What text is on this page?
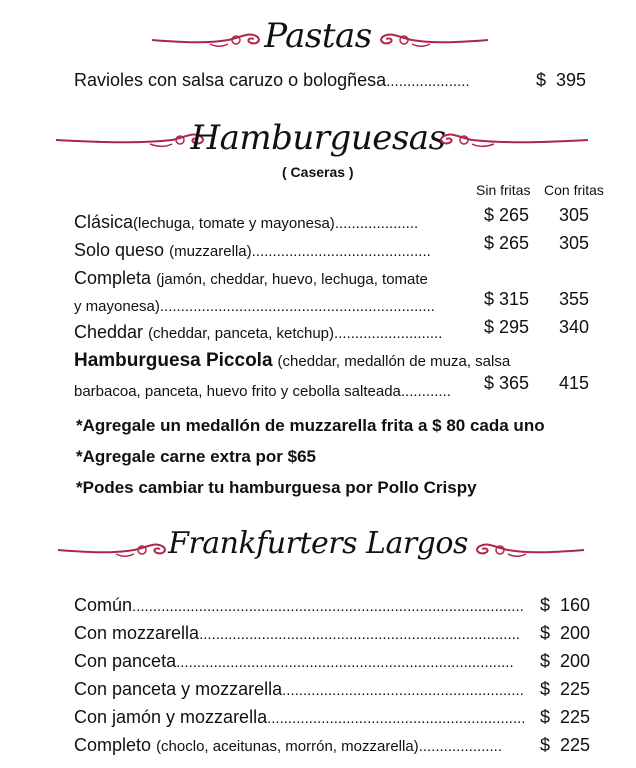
Pastas
Ravioles con salsa caruzo o bologñesa....................	$ 395
Hamburguesas
( Caseras )
Sin fritas Con fritas
Clásica(lechuga, tomate y mayonesa)....................	$ 265 305
Solo queso (muzzarella)...........................................	$ 265 305
Completa (jamón, cheddar, huevo, lechuga, tomate
y mayonesa)..................................................................	$ 315 355
Cheddar (cheddar, panceta, ketchup).......................... $ 295 340
Hamburguesa Piccola (cheddar, medallón de muza, salsa
barbacoa, panceta, huevo frito y cebolla salteada............ $ 365 415
*Agregale un medallón de muzzarella frita a $ 80 cada uno
*Agregale carne extra por $65
*Podes cambiar tu hamburguesa por Pollo Crispy
Frankfurters Largos
Común.............................................................................................. $ 160
Con mozzarella............................................................................. $ 200
Con panceta................................................................................. $ 200
Con panceta y mozzarella.......................................................... $ 225
Con jamón y mozzarella.............................................................. $ 225
Completo (choclo, aceitunas, morrón, mozzarella).................... $ 225
